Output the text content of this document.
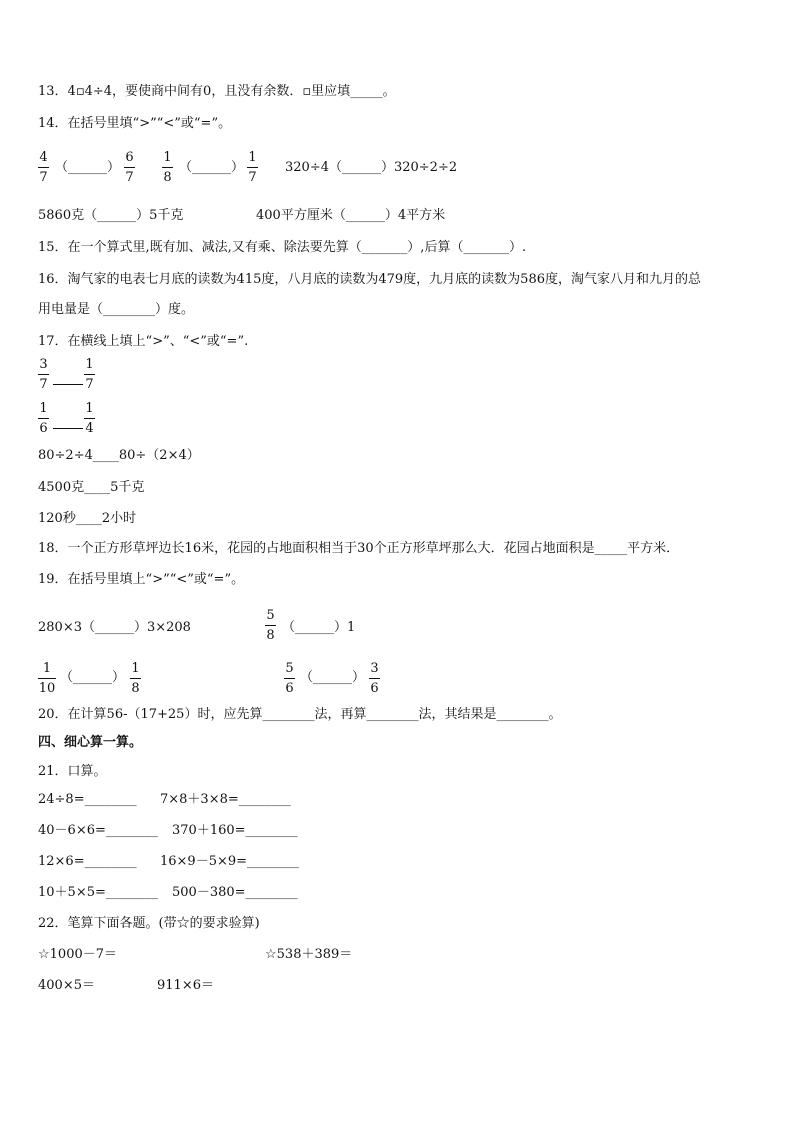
13．4▫4÷4，要使商中间有0，且没有余数．▫里应填_____。
14．在括号里填“>”“<”或“=”。
4
7
（______）
6
7
1
8
（______）
1
7
320÷4（______）320÷2÷2
5860克（______）5千克	400平方厘米（______）4平方米
15．在一个算式里,既有加、减法,又有乘、除法要先算（_______）,后算（_______）.
16．淘气家的电表七月底的读数为415度，八月底的读数为479度，九月底的读数为586度，淘气家八月和九月的总
用电量是（________）度。
17．在横线上填上“>”、“<”或“=”.
3
7
1
7
1
6
1
4
80÷2÷4____80÷（2×4）
4500克____5千克
120秒____2小时
18．一个正方形草坪边长16米，花园的占地面积相当于30个正方形草坪那么大．花园占地面积是_____平方米．
19．在括号里填上“>”“<”或“=”。
280×3（______）3×208
5
8
（______）1
1
10
（______）
1
8
5
6
（______）
3
6
20．在计算56-（17+25）时，应先算________法，再算________法，其结果是________。
四、细心算一算。
21．口算。
24÷8=________ 7×8＋3×8=________
40－6×6=________ 370＋160=________
12×6=________ 16×9－5×9=________
10＋5×5=________ 500－380=________
22．笔算下面各题。(带☆的要求验算)
☆1000－7＝	☆538＋389＝
400×5＝	911×6＝
